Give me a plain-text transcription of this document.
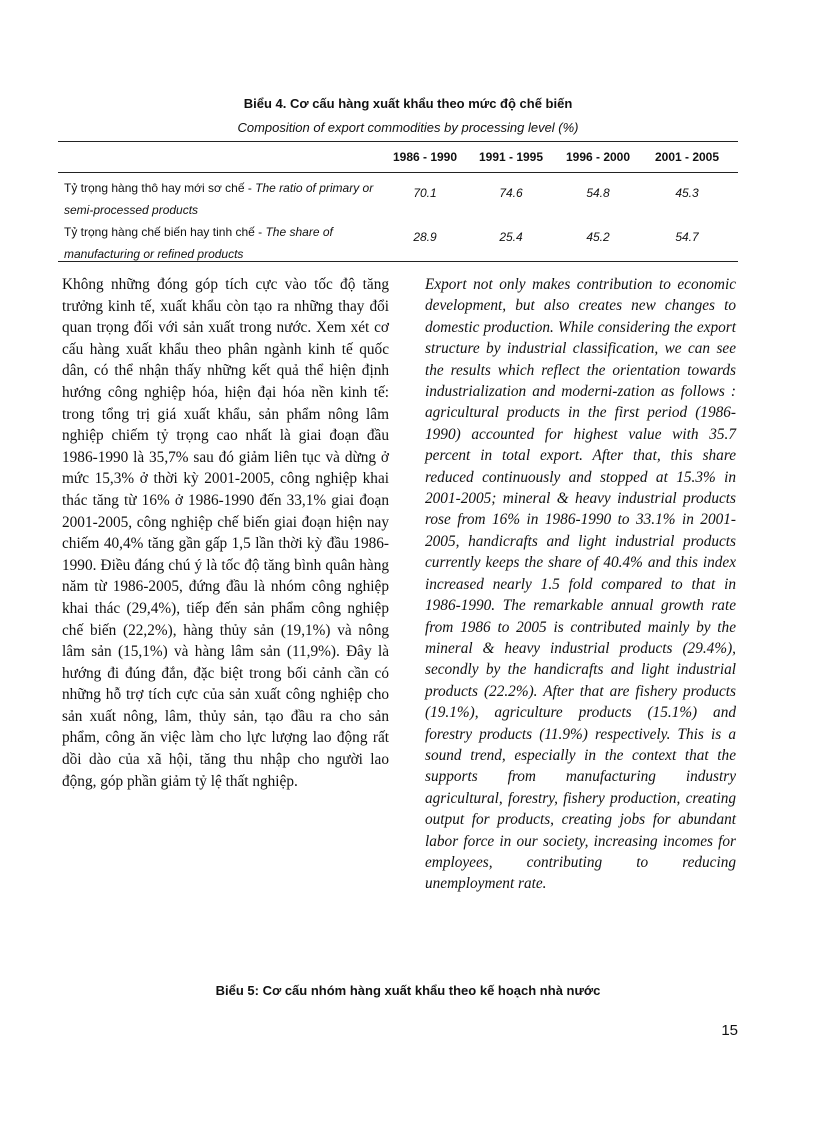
Biểu 4. Cơ cấu hàng xuất khẩu theo mức độ chế biến
Composition of export commodities by processing level (%)
1986 - 1990	1991 - 1995	1996 - 2000	2001 - 2005
Tỷ trọng hàng thô hay mới sơ chế - The ratio of primary or semi-processed products
70.1	74.6	54.8	45.3
Tỷ trọng hàng chế biến hay tinh chế - The share of manufacturing or refined products
28.9	25.4	45.2	54.7
Không những đóng góp tích cực vào tốc độ tăng trưởng kinh tế, xuất khẩu còn tạo ra những thay đổi quan trọng đối với sản xuất trong nước. Xem xét cơ cấu hàng xuất khẩu theo phân ngành kinh tế quốc dân, có thể nhận thấy những kết quả thể hiện định hướng công nghiệp hóa, hiện đại hóa nền kinh tế: trong tổng trị giá xuất khẩu, sản phẩm nông lâm nghiệp chiếm tỷ trọng cao nhất là giai đoạn đầu 1986-1990 là 35,7% sau đó giảm liên tục và dừng ở mức 15,3% ở thời kỳ 2001-2005, công nghiệp khai thác tăng từ 16% ở 1986-1990 đến 33,1% giai đoạn 2001-2005, công nghiệp chế biến giai đoạn hiện nay chiếm 40,4% tăng gần gấp 1,5 lần thời kỳ đầu 1986-1990. Điều đáng chú ý là tốc độ tăng bình quân hàng năm từ 1986-2005, đứng đầu là nhóm công nghiệp khai thác (29,4%), tiếp đến sản phẩm công nghiệp chế biến (22,2%), hàng thủy sản (19,1%) và nông lâm sản (15,1%) và hàng lâm sản (11,9%). Đây là hướng đi đúng đắn, đặc biệt trong bối cảnh cần có những hỗ trợ tích cực của sản xuất công nghiệp cho sản xuất nông, lâm, thủy sản, tạo đầu ra cho sản phẩm, công ăn việc làm cho lực lượng lao động rất dồi dào của xã hội, tăng thu nhập cho người lao động, góp phần giảm tỷ lệ thất nghiệp.
Export not only makes contribution to economic development, but also creates new changes to domestic production. While considering the export structure by industrial classification, we can see the results which reflect the orientation towards industrialization and moderni-zation as follows : agricultural products in the first period (1986-1990) accounted for highest value with 35.7 percent in total export. After that, this share reduced continuously and stopped at 15.3% in 2001-2005; mineral & heavy industrial products rose from 16% in 1986-1990 to 33.1% in 2001-2005, handicrafts and light industrial products currently keeps the share of 40.4% and this index increased nearly 1.5 fold compared to that in 1986-1990. The remarkable annual growth rate from 1986 to 2005 is contributed mainly by the mineral & heavy industrial products (29.4%), secondly by the handicrafts and light industrial products (22.2%). After that are fishery products (19.1%), agriculture products (15.1%) and forestry products (11.9%) respectively. This is a sound trend, especially in the context that the supports from manufacturing industry agricultural, forestry, fishery production, creating output for products, creating jobs for abundant labor force in our society, increasing incomes for employees, contributing to reducing unemployment rate.
Biểu 5: Cơ cấu nhóm hàng xuất khẩu theo kế hoạch nhà nước
15
